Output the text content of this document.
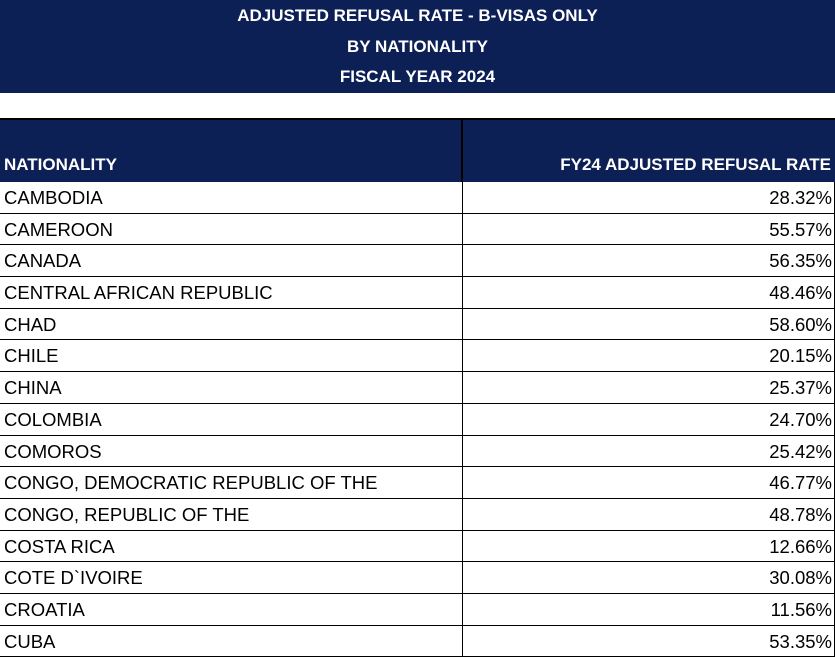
ADJUSTED REFUSAL RATE - B-VISAS ONLY
BY NATIONALITY
FISCAL YEAR 2024
NATIONALITY	FY24 ADJUSTED REFUSAL RATE
CAMBODIA	28.32%
CAMEROON	55.57%
CANADA	56.35%
CENTRAL AFRICAN REPUBLIC	48.46%
CHAD	58.60%
CHILE	20.15%
CHINA	25.37%
COLOMBIA	24.70%
COMOROS	25.42%
CONGO, DEMOCRATIC REPUBLIC OF THE	46.77%
CONGO, REPUBLIC OF THE	48.78%
COSTA RICA	12.66%
COTE D`IVOIRE	30.08%
CROATIA	11.56%
CUBA	53.35%
